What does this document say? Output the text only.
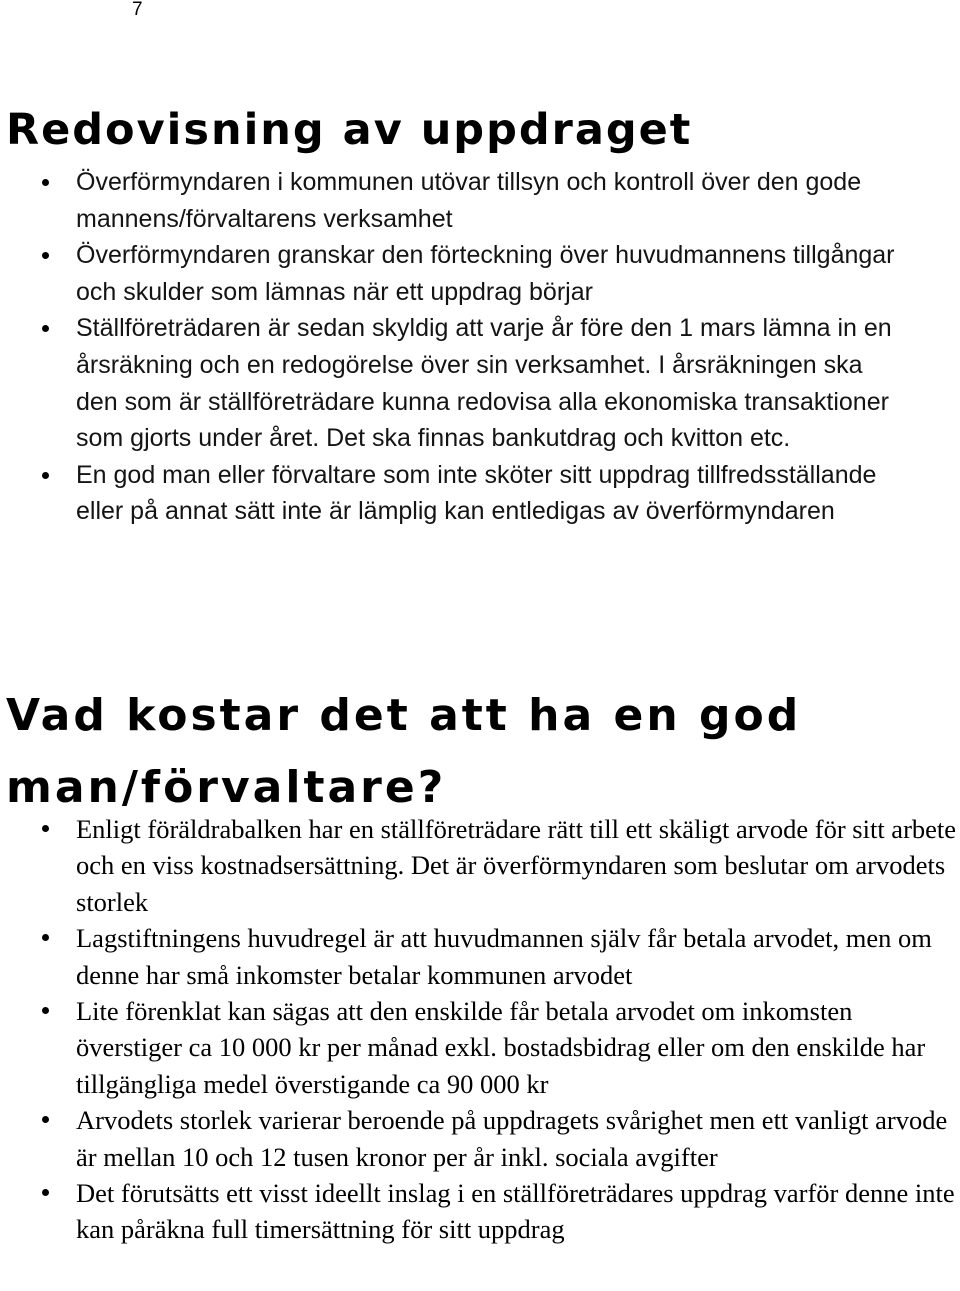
7
Redovisning av uppdraget
Överförmyndaren i kommunen utövar tillsyn och kontroll över den gode mannens/förvaltarens verksamhet
Överförmyndaren granskar den förteckning över huvudmannens tillgångar och skulder som lämnas när ett uppdrag börjar
Ställföreträdaren är sedan skyldig att varje år före den 1 mars lämna in en årsräkning och en redogörelse över sin verksamhet. I årsräkningen ska den som är ställföreträdare kunna redovisa alla ekonomiska transaktioner som gjorts under året. Det ska finnas bankutdrag och kvitton etc.
En god man eller förvaltare som inte sköter sitt uppdrag tillfredsställande eller på annat sätt inte är lämplig kan entledigas av överförmyndaren
Vad kostar det att ha en god man/förvaltare?
Enligt föräldrabalken har en ställföreträdare rätt till ett skäligt arvode för sitt arbete och en viss kostnadsersättning. Det är överförmyndaren som beslutar om arvodets storlek
Lagstiftningens huvudregel är att huvudmannen själv får betala arvodet, men om denne har små inkomster betalar kommunen arvodet
Lite förenklat kan sägas att den enskilde får betala arvodet om inkomsten överstiger ca 10 000 kr per månad exkl. bostadsbidrag eller om den enskilde har tillgängliga medel överstigande ca 90 000 kr
Arvodets storlek varierar beroende på uppdragets svårighet men ett vanligt arvode är mellan 10 och 12 tusen kronor per år inkl. sociala avgifter
Det förutsätts ett visst ideellt inslag i en ställföreträdares uppdrag varför denne inte kan påräkna full timersättning för sitt uppdrag
